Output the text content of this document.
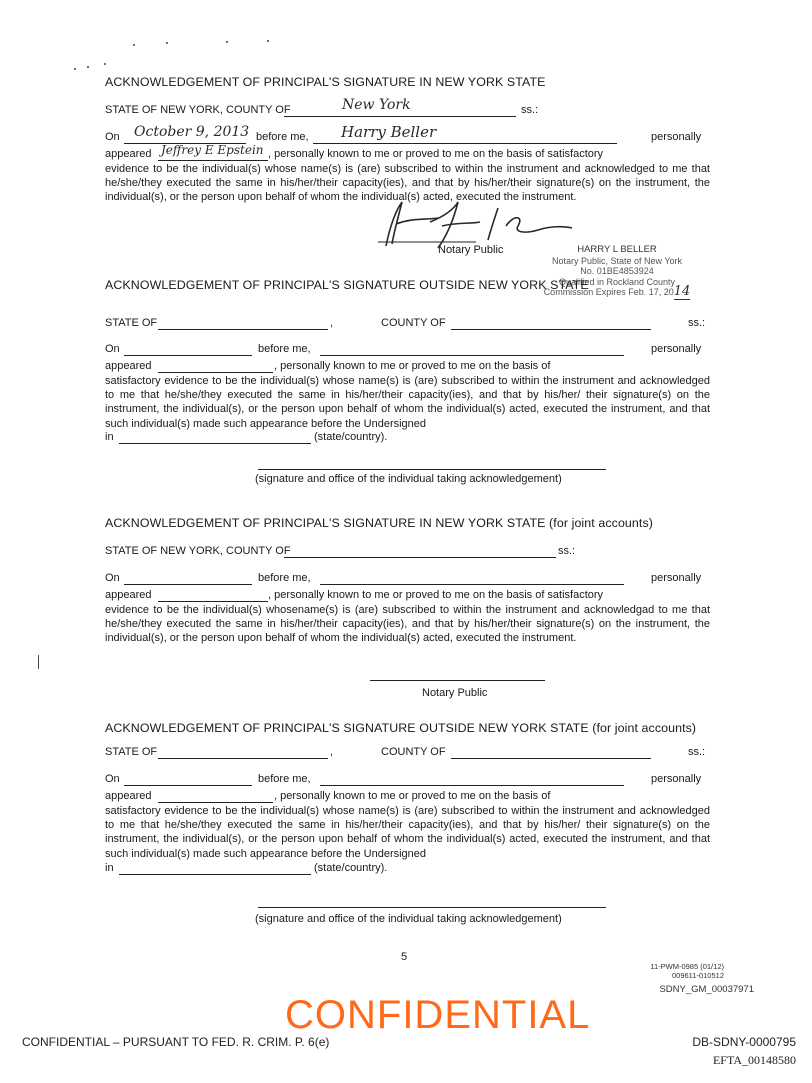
ACKNOWLEDGEMENT OF PRINCIPAL'S SIGNATURE IN NEW YORK STATE
STATE OF NEW YORK, COUNTY OF	New York	ss.:
On October 9, 2013 before me, Harry Beller	personally
appeared Jeffrey E Epstein , personally known to me or proved to me on the basis of satisfactory
evidence to be the individual(s) whose name(s) is (are) subscribed to within the instrument and acknowledged to me that he/she/they executed the same in his/her/their capacity(ies), and that by his/her/their signature(s) on the instrument, the individual(s), or the person upon behalf of whom the individual(s) acted, executed the instrument.
Notary Public	HARRY L BELLER
Notary Public, State of New York
No. 01BE4853924
Qualified in Rockland County
Commission Expires Feb. 17, 2014
ACKNOWLEDGEMENT OF PRINCIPAL'S SIGNATURE OUTSIDE NEW YORK STATE
STATE OF	,	COUNTY OF	ss.:
On	before me,	personally
appeared	, personally known to me or proved to me on the basis of
satisfactory evidence to be the individual(s) whose name(s) is (are) subscribed to within the instrument and acknowledged to me that he/she/they executed the same in his/her/their capacity(ies), and that by his/her/ their signature(s) on the instrument, the individual(s), or the person upon behalf of whom the individual(s) acted, executed the instrument, and that such individual(s) made such appearance before the Undersigned
in	(state/country).
(signature and office of the individual taking acknowledgement)
ACKNOWLEDGEMENT OF PRINCIPAL'S SIGNATURE IN NEW YORK STATE (for joint accounts)
STATE OF NEW YORK, COUNTY OF	ss.:
On	before me,	personally
appeared	, personally known to me or proved to me on the basis of satisfactory
evidence to be the individual(s) whosename(s) is (are) subscribed to within the instrument and acknowledgad to me that he/she/they executed the same in his/her/their capacity(ies), and that by his/her/their signature(s) on the instrument, the individual(s), or the person upon behalf of whom the individual(s) acted, executed the instrument.
Notary Public
ACKNOWLEDGEMENT OF PRINCIPAL'S SIGNATURE OUTSIDE NEW YORK STATE (for joint accounts)
STATE OF	,	COUNTY OF	ss.:
On	before me,	personally
appeared	, personally known to me or proved to me on the basis of
satisfactory evidence to be the individual(s) whose name(s) is (are) subscribed to within the instrument and acknowledged to me that he/she/they executed the same in his/her/their capacity(ies), and that by his/her/ their signature(s) on the instrument, the individual(s), or the person upon behalf of whom the individual(s) acted, executed the instrument, and that such individual(s) made such appearance before the Undersigned
in	(state/country).
(signature and office of the individual taking acknowledgement)
5
11-PWM-0985 (01/12)
009611-010512
SDNY_GM_00037971
CONFIDENTIAL
CONFIDENTIAL – PURSUANT TO FED. R. CRIM. P. 6(e)	DB-SDNY-0000795
EFTA_00148580
